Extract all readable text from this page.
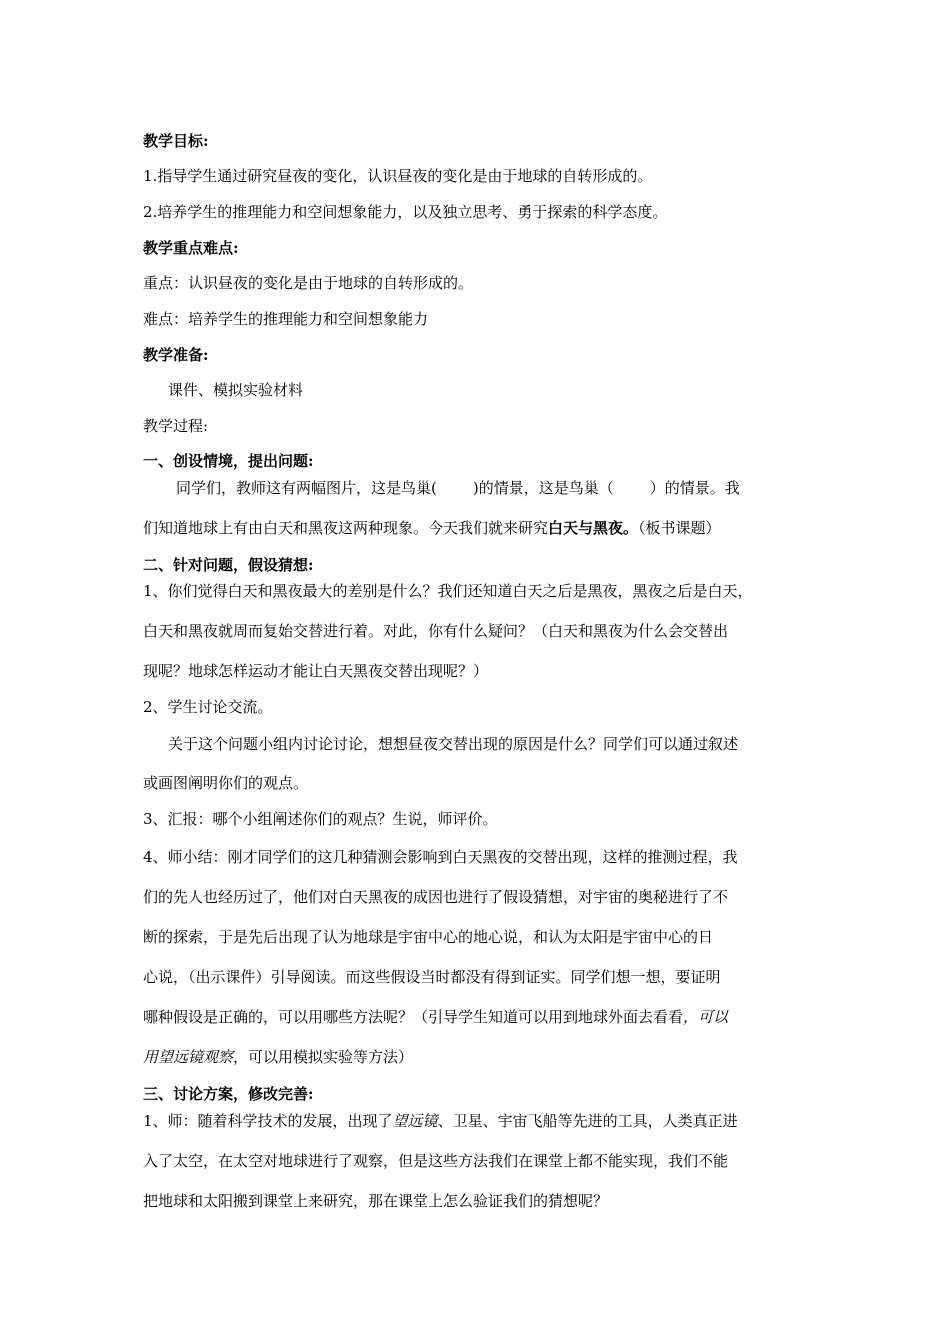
教学目标:
1.指导学生通过研究昼夜的变化，认识昼夜的变化是由于地球的自转形成的。
2.培养学生的推理能力和空间想象能力，以及独立思考、勇于探索的科学态度。
教学重点难点:
重点：认识昼夜的变化是由于地球的自转形成的。
难点：培养学生的推理能力和空间想象能力
教学准备:
课件、模拟实验材料
教学过程:
一、创设情境，提出问题:
同学们，教师这有两幅图片，这是鸟巢( )的情景，这是鸟巢（ ）的情景。我
们知道地球上有由白天和黑夜这两种现象。今天我们就来研究白天与黑夜。（板书课题）
二、针对问题，假设猜想:
1、你们觉得白天和黑夜最大的差别是什么？我们还知道白天之后是黑夜，黑夜之后是白天，
白天和黑夜就周而复始交替进行着。对此，你有什么疑问？（白天和黑夜为什么会交替出
现呢？地球怎样运动才能让白天黑夜交替出现呢？）
2、学生讨论交流。
关于这个问题小组内讨论讨论，想想昼夜交替出现的原因是什么？同学们可以通过叙述
或画图阐明你们的观点。
3、汇报：哪个小组阐述你们的观点？生说，师评价。
4、师小结：刚才同学们的这几种猜测会影响到白天黑夜的交替出现，这样的推测过程，我
们的先人也经历过了，他们对白天黑夜的成因也进行了假设猜想，对宇宙的奥秘进行了不
断的探索，于是先后出现了认为地球是宇宙中心的地心说，和认为太阳是宇宙中心的日
心说，（出示课件）引导阅读。而这些假设当时都没有得到证实。同学们想一想，要证明
哪种假设是正确的，可以用哪些方法呢？（引导学生知道可以用到地球外面去看看，可以
用望远镜观察，可以用模拟实验等方法）
三、讨论方案，修改完善:
1、师：随着科学技术的发展，出现了望远镜、卫星、宇宙飞船等先进的工具，人类真正进
入了太空，在太空对地球进行了观察，但是这些方法我们在课堂上都不能实现，我们不能
把地球和太阳搬到课堂上来研究，那在课堂上怎么验证我们的猜想呢？
